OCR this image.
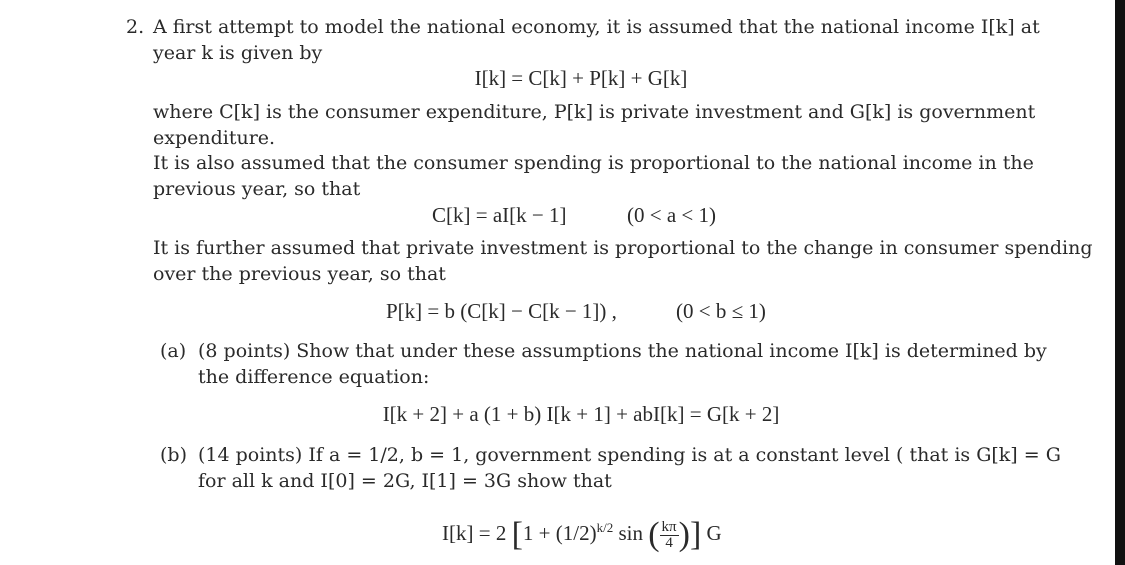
2. A first attempt to model the national economy, it is assumed that the national income I[k] at
year k is given by
I[k] = C[k] + P[k] + G[k]
where C[k] is the consumer expenditure, P[k] is private investment and G[k] is government
expenditure.
It is also assumed that the consumer spending is proportional to the national income in the
previous year, so that
C[k] = aI[k − 1]	(0 < a < 1)
It is further assumed that private investment is proportional to the change in consumer spending
over the previous year, so that
P[k] = b (C[k] − C[k − 1]) ,	(0 < b ≤ 1)
(a) (8 points) Show that under these assumptions the national income I[k] is determined by
the difference equation:
I[k + 2] + a (1 + b) I[k + 1] + abI[k] = G[k + 2]
(b) (14 points) If a = 1/2, b = 1, government spending is at a constant level ( that is G[k] = G
for all k and I[0] = 2G, I[1] = 3G show that
I[k] = 2 [$1 + (1/2)^{k/2}$ sin ( $\frac{k\pi}{4}$ )] G
